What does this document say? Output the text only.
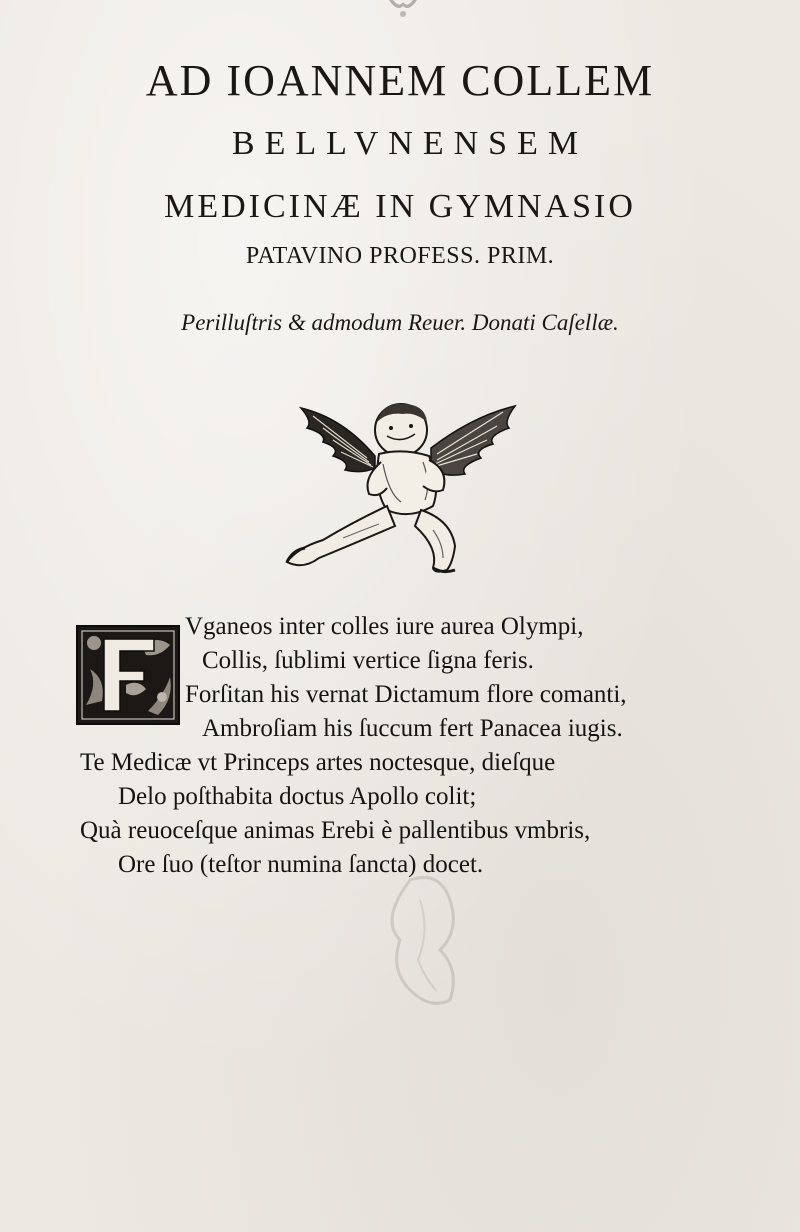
AD IOANNEM COLLEM
BELLVNENSEM
MEDICINÆ IN GYMNASIO
PATAVINO PROFESS. PRIM.
Perilluſtris & admodum Reuer. Donati Caſellæ.
Vganeos inter colles iure aurea Olympi,
Collis, ſublimi vertice ſigna feris.
Forſitan his vernat Dictamum flore comanti,
Ambroſiam his ſuccum fert Panacea iugis.
Te Medicæ vt Princeps artes noctesque, dieſque
Delo poſthabita doctus Apollo colit;
Quà reuoceſque animas Erebi è pallentibus vmbris,
Ore ſuo (teſtor numina ſancta) docet.
